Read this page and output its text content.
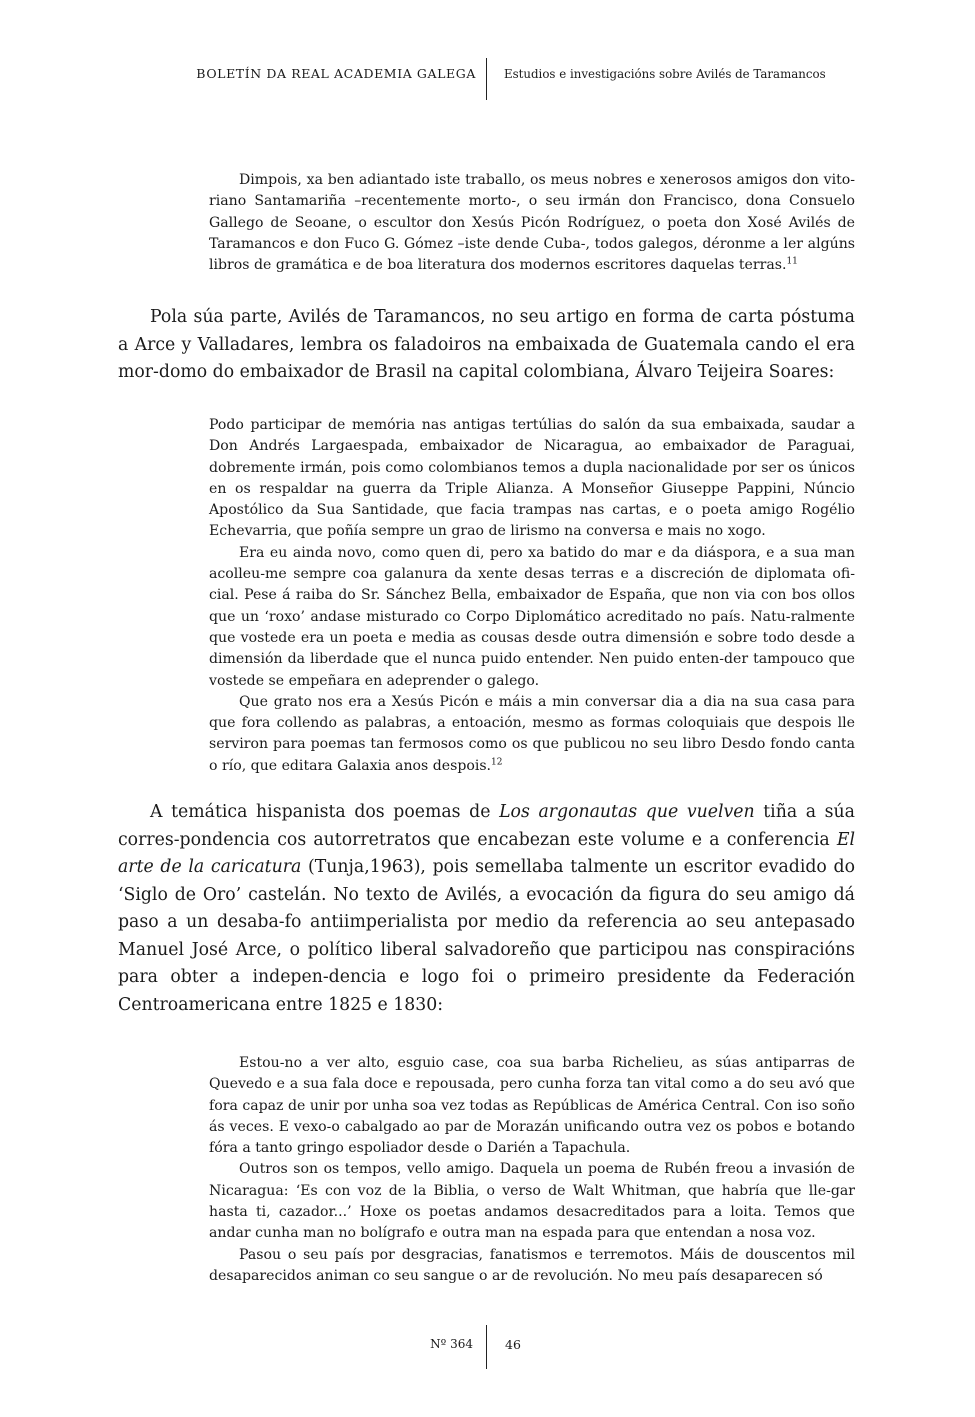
BOLETÍN DA REAL ACADEMIA GALEGA Estudios e investigacións sobre Avilés de Taramancos

Dimpois, xa ben adiantado iste traballo, os meus nobres e xenerosos amigos don vito-riano Santamariña –recentemente morto-, o seu irmán don Francisco, dona Consuelo Gallego de Seoane, o escultor don Xesús Picón Rodríguez, o poeta don Xosé Avilés de Taramancos e don Fuco G. Gómez –iste dende Cuba-, todos galegos, déronme a ler algúns libros de gramática e de boa literatura dos modernos escritores daquelas terras.$^{11}$

Pola súa parte, Avilés de Taramancos, no seu artigo en forma de carta póstuma a Arce y Valladares, lembra os faladoiros na embaixada de Guatemala cando el era mor-domo do embaixador de Brasil na capital colombiana, Álvaro Teijeira Soares:

Podo participar de memória nas antigas tertúlias do salón da sua embaixada, saudar a Don Andrés Largaespada, embaixador de Nicaragua, ao embaixador de Paraguai, dobremente irmán, pois como colombianos temos a dupla nacionalidade por ser os únicos en os respaldar na guerra da Triple Alianza. A Monseñor Giuseppe Pappini, Núncio Apostólico da Sua Santidade, que facia trampas nas cartas, e o poeta amigo Rogélio Echevarria, que poñía sempre un grao de lirismo na conversa e mais no xogo.

Era eu ainda novo, como quen di, pero xa batido do mar e da diáspora, e a sua man acolleu-me sempre coa galanura da xente desas terras e a discreción de diplomata ofi-cial. Pese á raiba do Sr. Sánchez Bella, embaixador de España, que non via con bos ollos que un ‘roxo’ andase misturado co Corpo Diplomático acreditado no país. Natu-ralmente que vostede era un poeta e media as cousas desde outra dimensión e sobre todo desde a dimensión da liberdade que el nunca puido entender. Nen puido enten-der tampouco que vostede se empeñara en adeprender o galego.

Que grato nos era a Xesús Picón e máis a min conversar dia a dia na sua casa para que fora collendo as palabras, a entoación, mesmo as formas coloquiais que despois lle serviron para poemas tan fermosos como os que publicou no seu libro Desdo fondo canta o río, que editara Galaxia anos despois.$^{12}$

A temática hispanista dos poemas de Los argonautas que vuelven tiña a súa corres-pondencia cos autorretratos que encabezan este volume e a conferencia El arte de la caricatura (Tunja,1963), pois semellaba talmente un escritor evadido do ‘Siglo de Oro’ castelán. No texto de Avilés, a evocación da figura do seu amigo dá paso a un desaba-fo antiimperialista por medio da referencia ao seu antepasado Manuel José Arce, o político liberal salvadoreño que participou nas conspiracións para obter a indepen-dencia e logo foi o primeiro presidente da Federación Centroamericana entre 1825 e 1830:

Estou-no a ver alto, esguio case, coa sua barba Richelieu, as súas antiparras de Quevedo e a sua fala doce e repousada, pero cunha forza tan vital como a do seu avó que fora capaz de unir por unha soa vez todas as Repúblicas de América Central. Con iso soño ás veces. E vexo-o cabalgado ao par de Morazán unificando outra vez os pobos e botando fóra a tanto gringo espoliador desde o Darién a Tapachula.

Outros son os tempos, vello amigo. Daquela un poema de Rubén freou a invasión de Nicaragua: ‘Es con voz de la Biblia, o verso de Walt Whitman, que habría que lle-gar hasta ti, cazador...’ Hoxe os poetas andamos desacreditados para a loita. Temos que andar cunha man no bolígrafo e outra man na espada para que entendan a nosa voz.

Pasou o seu país por desgracias, fanatismos e terremotos. Máis de douscentos mil desaparecidos animan co seu sangue o ar de revolución. No meu país desaparecen só

Nº 364	46
